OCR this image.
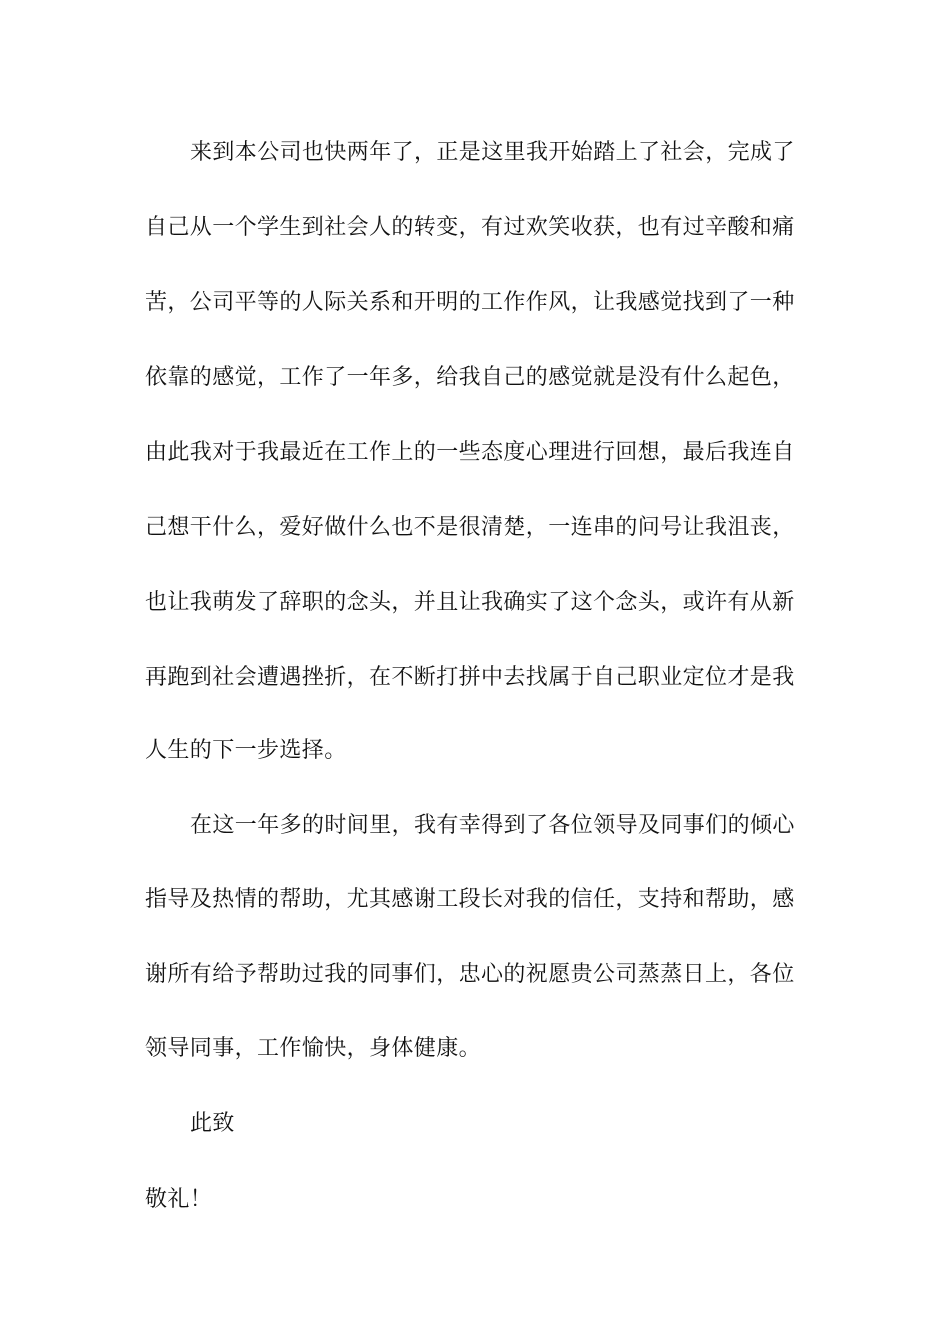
来到本公司也快两年了，正是这里我开始踏上了社会，完成了
自己从一个学生到社会人的转变，有过欢笑收获，也有过辛酸和痛
苦，公司平等的人际关系和开明的工作作风，让我感觉找到了一种
依靠的感觉，工作了一年多，给我自己的感觉就是没有什么起色，
由此我对于我最近在工作上的一些态度心理进行回想，最后我连自
己想干什么，爱好做什么也不是很清楚，一连串的问号让我沮丧，
也让我萌发了辞职的念头，并且让我确实了这个念头，或许有从新
再跑到社会遭遇挫折，在不断打拼中去找属于自己职业定位才是我
人生的下一步选择。
在这一年多的时间里，我有幸得到了各位领导及同事们的倾心
指导及热情的帮助，尤其感谢工段长对我的信任，支持和帮助，感
谢所有给予帮助过我的同事们，忠心的祝愿贵公司蒸蒸日上，各位
领导同事，工作愉快，身体健康。
此致
敬礼！
